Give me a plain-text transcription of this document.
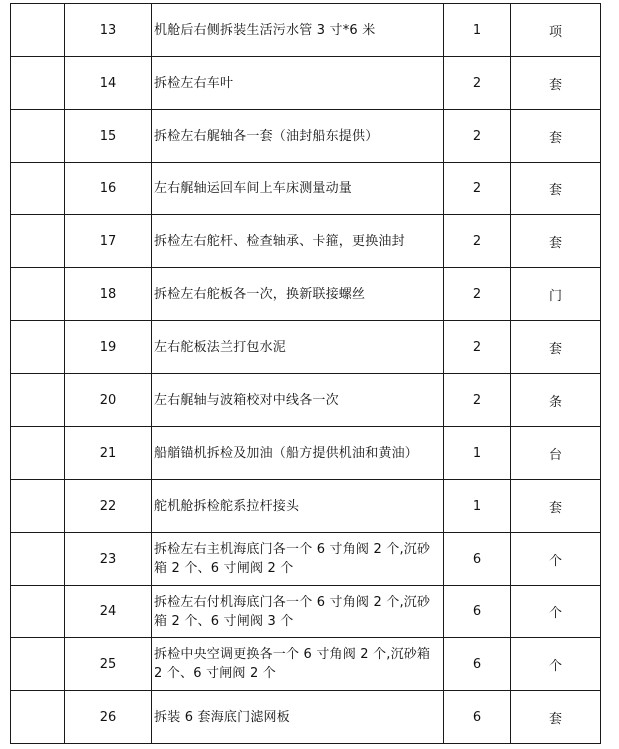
	13	机舱后右侧拆装生活污水管 3 寸*6 米	1	项
	14	拆检左右车叶	2	套
	15	拆检左右艉轴各一套（油封船东提供）	2	套
	16	左右艉轴运回车间上车床测量动量	2	套
	17	拆检左右舵杆、检查轴承、卡箍，更换油封	2	套
	18	拆检左右舵板各一次，换新联接螺丝	2	门
	19	左右舵板法兰打包水泥	2	套
	20	左右艉轴与波箱校对中线各一次	2	条
	21	船艏锚机拆检及加油（船方提供机油和黄油）	1	台
	22	舵机舱拆检舵系拉杆接头	1	套
	23	拆检左右主机海底门各一个 6 寸角阀 2 个,沉砂箱 2 个、6 寸闸阀 2 个	6	个
	24	拆检左右付机海底门各一个 6 寸角阀 2 个,沉砂箱 2 个、6 寸闸阀 3 个	6	个
	25	拆检中央空调更换各一个 6 寸角阀 2 个,沉砂箱 2 个、6 寸闸阀 2 个	6	个
	26	拆装 6 套海底门滤网板	6	套
